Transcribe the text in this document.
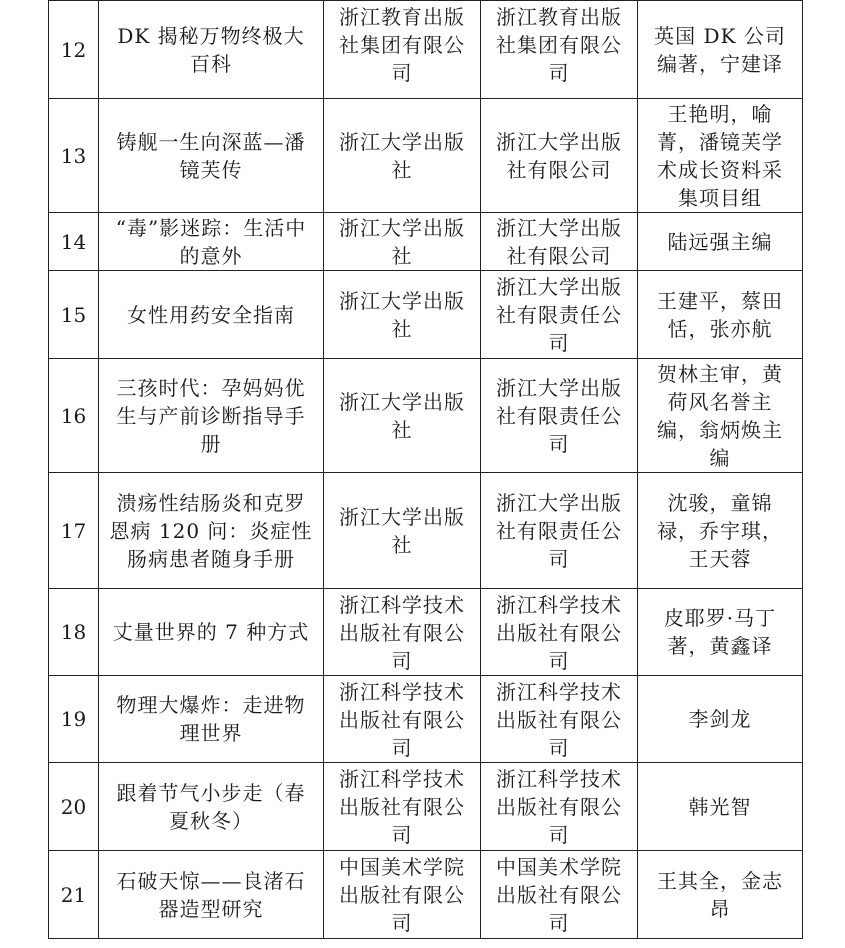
12	DK 揭秘万物终极大百科	浙江教育出版社集团有限公司	浙江教育出版社集团有限公司	英国 DK 公司编著，宁建译
13	铸舰一生向深蓝—潘镜芙传	浙江大学出版社	浙江大学出版社有限公司	王艳明，喻菁，潘镜芙学术成长资料采集项目组
14	“毒”影迷踪：生活中的意外	浙江大学出版社	浙江大学出版社有限公司	陆远强主编
15	女性用药安全指南	浙江大学出版社	浙江大学出版社有限责任公司	王建平，蔡田恬，张亦航
16	三孩时代：孕妈妈优生与产前诊断指导手册	浙江大学出版社	浙江大学出版社有限责任公司	贺林主审，黄荷风名誉主编，翁炳焕主编
17	溃疡性结肠炎和克罗恩病 120 问：炎症性肠病患者随身手册	浙江大学出版社	浙江大学出版社有限责任公司	沈骏，童锦禄，乔宇琪，王天蓉
18	丈量世界的 7 种方式	浙江科学技术出版社有限公司	浙江科学技术出版社有限公司	皮耶罗·马丁著，黄鑫译
19	物理大爆炸：走进物理世界	浙江科学技术出版社有限公司	浙江科学技术出版社有限公司	李剑龙
20	跟着节气小步走（春夏秋冬）	浙江科学技术出版社有限公司	浙江科学技术出版社有限公司	韩光智
21	石破天惊——良渚石器造型研究	中国美术学院出版社有限公司	中国美术学院出版社有限公司	王其全，金志昂
